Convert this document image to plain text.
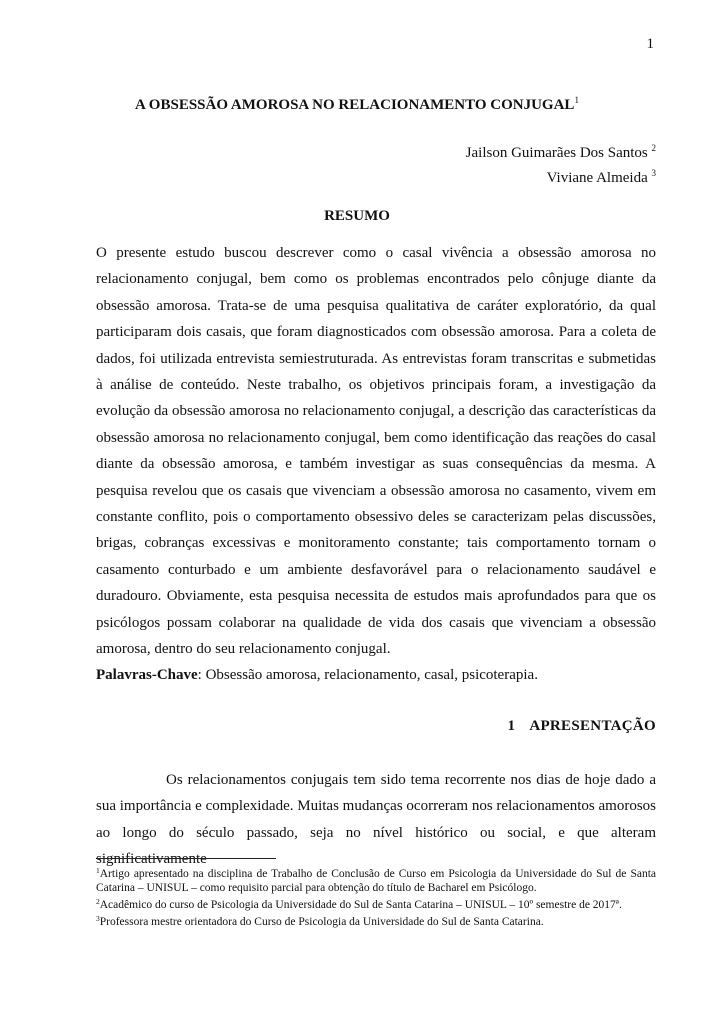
1
A OBSESSÃO AMOROSA NO RELACIONAMENTO CONJUGAL$^1$
Jailson Guimarães Dos Santos $^2$
Viviane Almeida $^3$
RESUMO

O presente estudo buscou descrever como o casal vivência a obsessão amorosa no relacionamento conjugal, bem como os problemas encontrados pelo cônjuge diante da obsessão amorosa. Trata-se de uma pesquisa qualitativa de caráter exploratório, da qual participaram dois casais, que foram diagnosticados com obsessão amorosa. Para a coleta de dados, foi utilizada entrevista semiestruturada. As entrevistas foram transcritas e submetidas à análise de conteúdo. Neste trabalho, os objetivos principais foram, a investigação da evolução da obsessão amorosa no relacionamento conjugal, a descrição das características da obsessão amorosa no relacionamento conjugal, bem como identificação das reações do casal diante da obsessão amorosa, e também investigar as suas consequências da mesma. A pesquisa revelou que os casais que vivenciam a obsessão amorosa no casamento, vivem em constante conflito, pois o comportamento obsessivo deles se caracterizam pelas discussões, brigas, cobranças excessivas e monitoramento constante; tais comportamento tornam o casamento conturbado e um ambiente desfavorável para o relacionamento saudável e duradouro. Obviamente, esta pesquisa necessita de estudos mais aprofundados para que os psicólogos possam colaborar na qualidade de vida dos casais que vivenciam a obsessão amorosa, dentro do seu relacionamento conjugal.

Palavras-Chave: Obsessão amorosa, relacionamento, casal, psicoterapia.

1 APRESENTAÇÃO

Os relacionamentos conjugais tem sido tema recorrente nos dias de hoje dado a sua importância e complexidade. Muitas mudanças ocorreram nos relacionamentos amorosos ao longo do século passado, seja no nível histórico ou social, e que alteram significativamente

$^1$Artigo apresentado na disciplina de Trabalho de Conclusão de Curso em Psicologia da Universidade do Sul de Santa Catarina – UNISUL – como requisito parcial para obtenção do título de Bacharel em Psicólogo.

$^2$Acadêmico do curso de Psicologia da Universidade do Sul de Santa Catarina – UNISUL – 10º semestre de 2017ª.

$^3$Professora mestre orientadora do Curso de Psicologia da Universidade do Sul de Santa Catarina.
